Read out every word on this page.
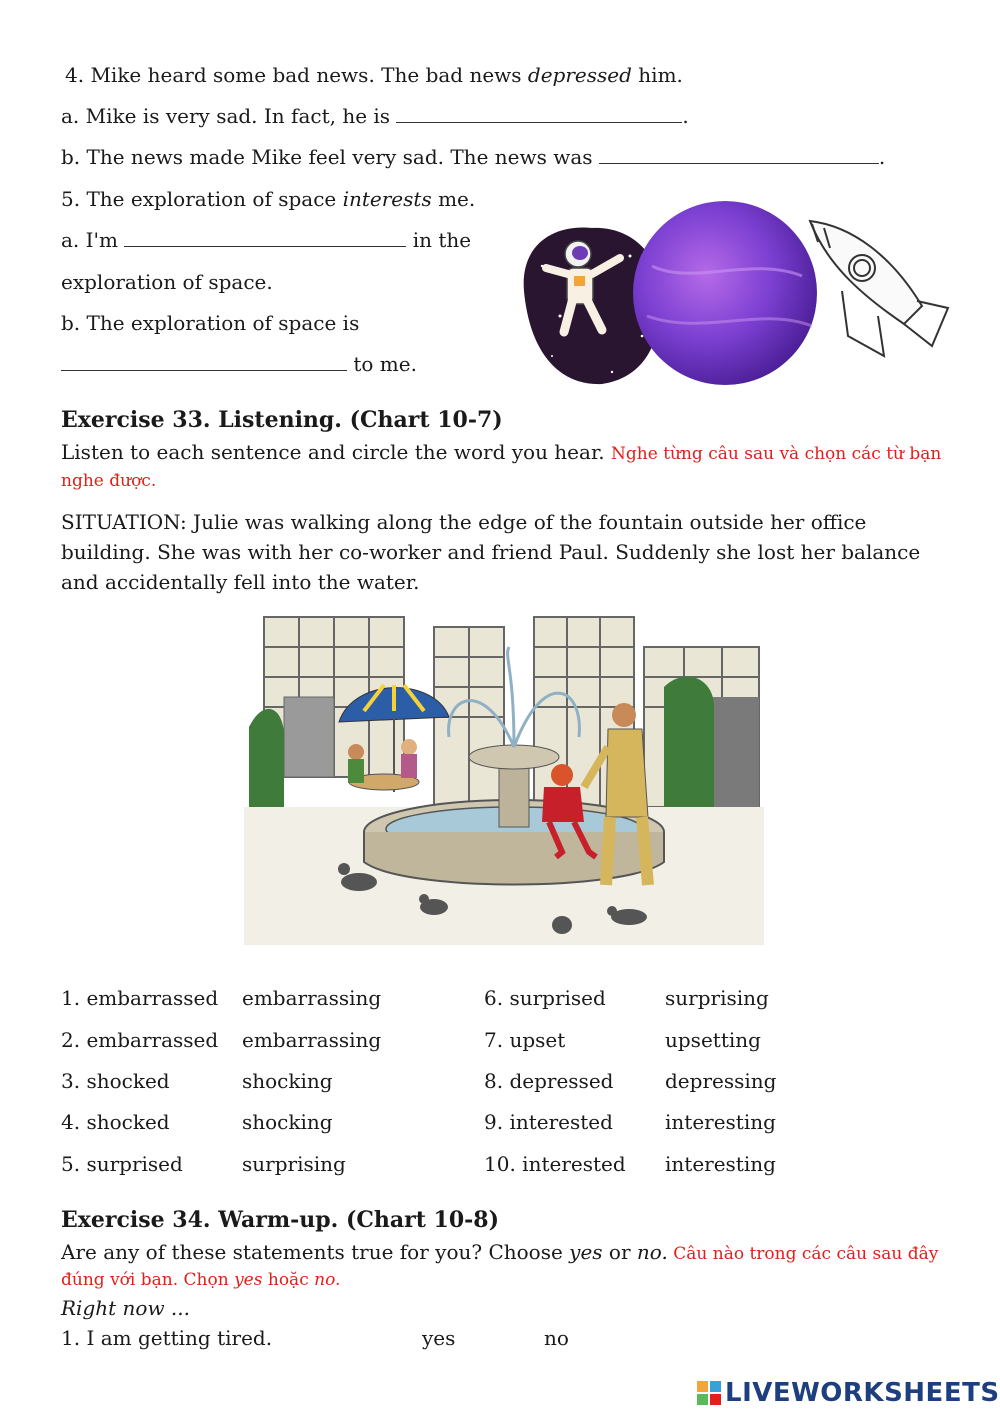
4. Mike heard some bad news. The bad news depressed him.
a. Mike is very sad. In fact, he is	.
b. The news made Mike feel very sad. The news was	.
5. The exploration of space interests me.
a. I'm	in the
exploration of space.
b. The exploration of space is
to me.
Exercise 33. Listening. (Chart 10-7)
Listen to each sentence and circle the word you hear. Nghe từng câu sau và chọn các từ bạn
nghe được.
SITUATION: Julie was walking along the edge of the fountain outside her office building. She was with her co-worker and friend Paul. Suddenly she lost her balance and accidentally fell into the water.
1. embarrassed embarrassing
2. embarrassed embarrassing
3. shocked	shocking
4. shocked	shocking
5. surprised	surprising
6. surprised	surprising
7. upset	upsetting
8. depressed	depressing
9. interested	interesting
10. interested interesting
Exercise 34. Warm-up. (Chart 10-8)
Are any of these statements true for you? Choose yes or no. Câu nào trong các câu sau đây
đúng với bạn. Chọn yes hoặc no.
Right now ...
1. I am getting tired.	yes	no
LIVEWORKSHEETS
